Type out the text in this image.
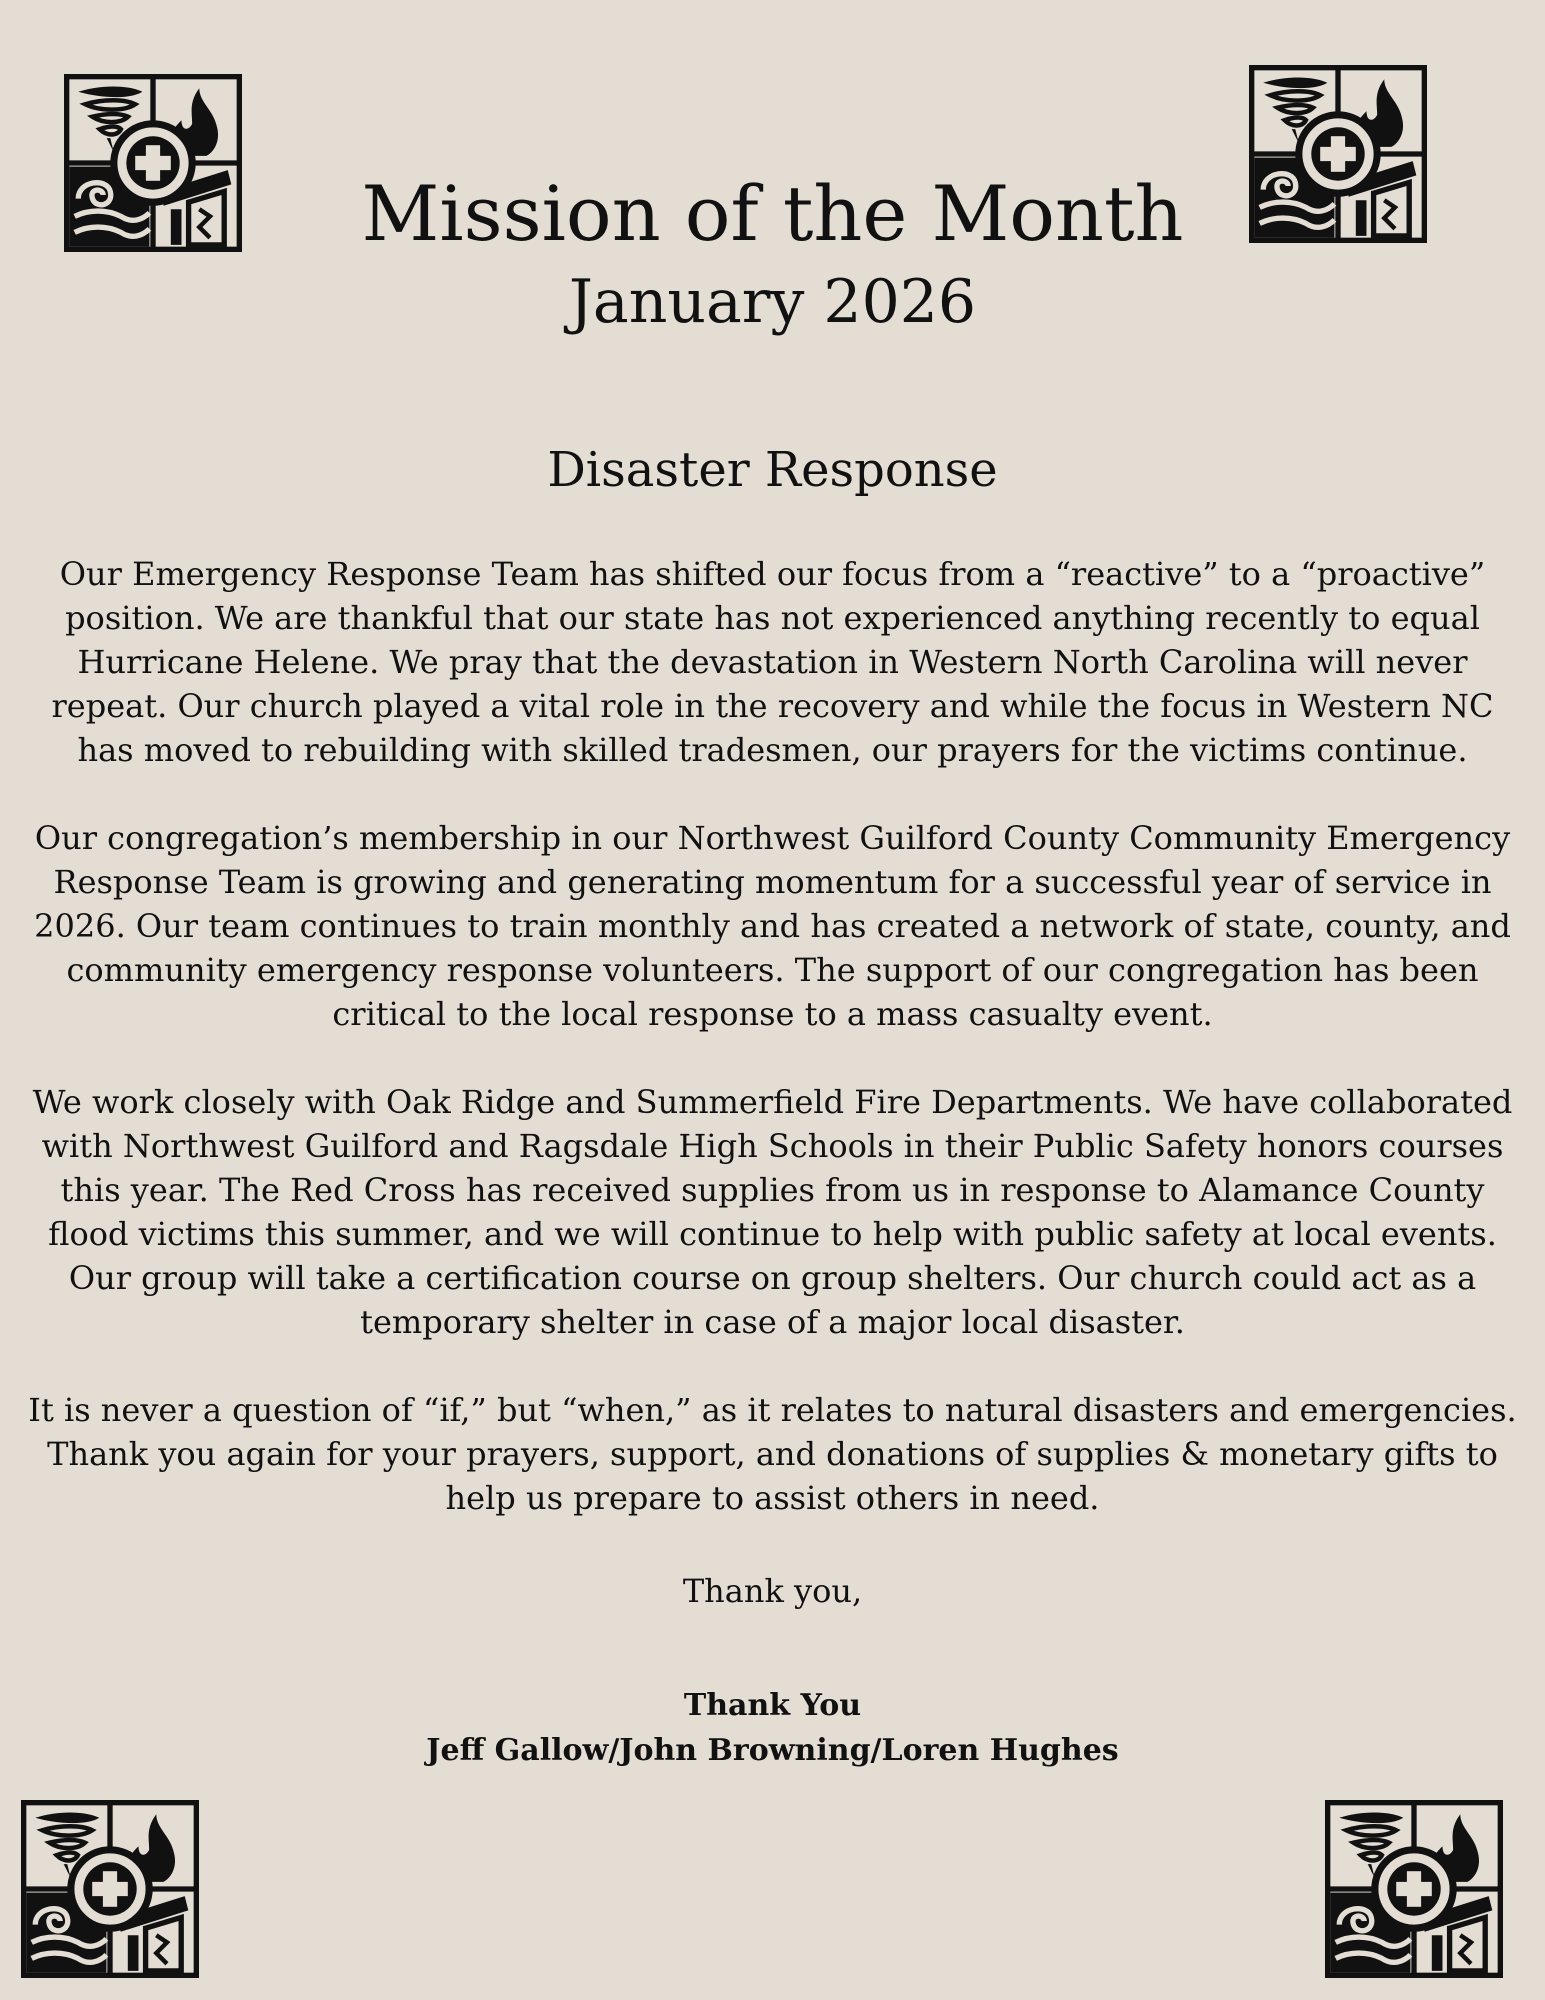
Mission of the Month
January 2026
Disaster Response

Our Emergency Response Team has shifted our focus from a “reactive” to a “proactive” position. We are thankful that our state has not experienced anything recently to equal Hurricane Helene. We pray that the devastation in Western North Carolina will never repeat. Our church played a vital role in the recovery and while the focus in Western NC has moved to rebuilding with skilled tradesmen, our prayers for the victims continue.

Our congregation’s membership in our Northwest Guilford County Community Emergency Response Team is growing and generating momentum for a successful year of service in 2026. Our team continues to train monthly and has created a network of state, county, and community emergency response volunteers. The support of our congregation has been critical to the local response to a mass casualty event.

We work closely with Oak Ridge and Summerfield Fire Departments. We have collaborated with Northwest Guilford and Ragsdale High Schools in their Public Safety honors courses this year. The Red Cross has received supplies from us in response to Alamance County flood victims this summer, and we will continue to help with public safety at local events. Our group will take a certification course on group shelters. Our church could act as a temporary shelter in case of a major local disaster.

It is never a question of “if,” but “when,” as it relates to natural disasters and emergencies. Thank you again for your prayers, support, and donations of supplies & monetary gifts to help us prepare to assist others in need.

Thank you,
Thank You
Jeff Gallow/John Browning/Loren Hughes
